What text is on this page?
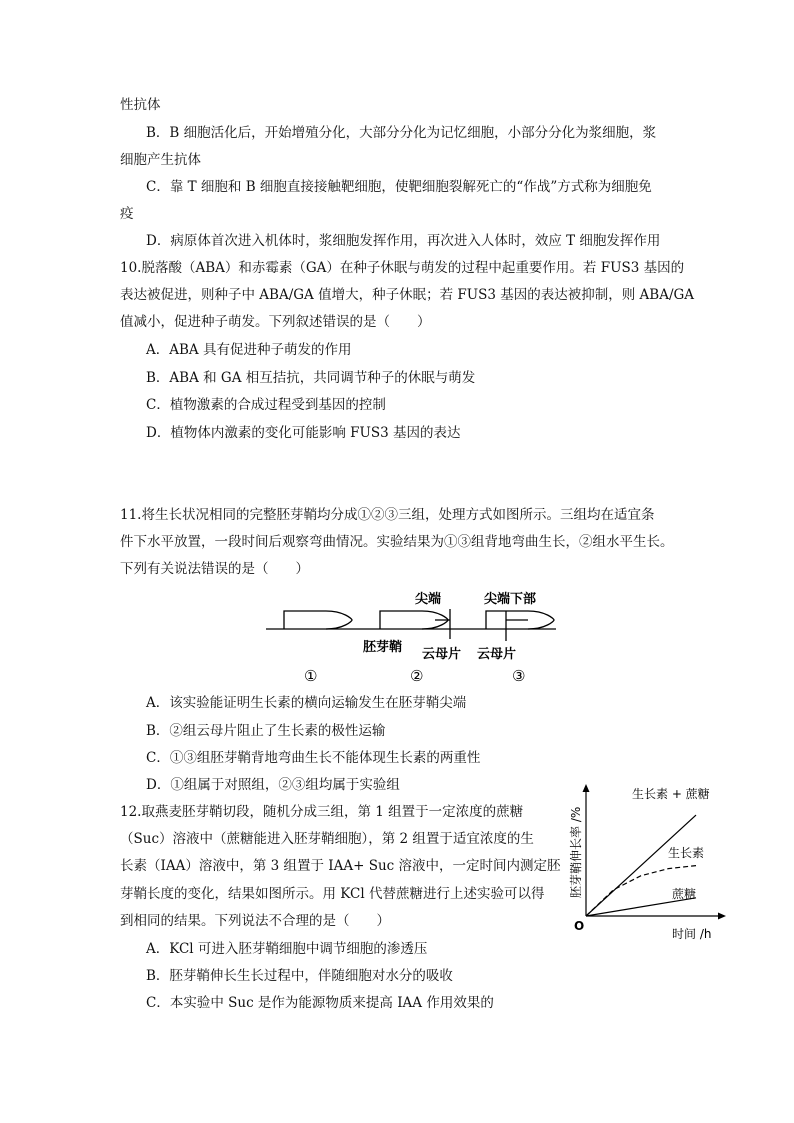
性抗体
B．B 细胞活化后，开始增殖分化，大部分分化为记忆细胞，小部分分化为浆细胞，浆
细胞产生抗体
C．靠 T 细胞和 B 细胞直接接触靶细胞，使靶细胞裂解死亡的“作战”方式称为细胞免
疫
D．病原体首次进入机体时，浆细胞发挥作用，再次进入人体时，效应 T 细胞发挥作用
10.脱落酸（ABA）和赤霉素（GA）在种子休眠与萌发的过程中起重要作用。若 FUS3 基因的
表达被促进，则种子中 ABA/GA 值增大，种子休眠；若 FUS3 基因的表达被抑制，则 ABA/GA
值减小，促进种子萌发。下列叙述错误的是（　　）
A．ABA 具有促进种子萌发的作用
B．ABA 和 GA 相互拮抗，共同调节种子的休眠与萌发
C．植物激素的合成过程受到基因的控制
D．植物体内激素的变化可能影响 FUS3 基因的表达
11.将生长状况相同的完整胚芽鞘均分成①②③三组，处理方式如图所示。三组均在适宜条
件下水平放置，一段时间后观察弯曲情况。实验结果为①③组背地弯曲生长，②组水平生长。
下列有关说法错误的是（　　）
尖端	尖端下部
胚芽鞘 云母片 云母片
①	②	③
A．该实验能证明生长素的横向运输发生在胚芽鞘尖端
B．②组云母片阻止了生长素的极性运输
C．①③组胚芽鞘背地弯曲生长不能体现生长素的两重性
D．①组属于对照组，②③组均属于实验组
12.取燕麦胚芽鞘切段，随机分成三组，第 1 组置于一定浓度的蔗糖
（Suc）溶液中（蔗糖能进入胚芽鞘细胞），第 2 组置于适宜浓度的生
长素（IAA）溶液中，第 3 组置于 IAA+ Suc 溶液中，一定时间内测定胚
芽鞘长度的变化，结果如图所示。用 KCl 代替蔗糖进行上述实验可以得
到相同的结果。下列说法不合理的是（　　）
A．KCl 可进入胚芽鞘细胞中调节细胞的渗透压
B．胚芽鞘伸长生长过程中，伴随细胞对水分的吸收
C．本实验中 Suc 是作为能源物质来提高 IAA 作用效果的
O
时间 /h
胚芽鞘伸长率 /%
生长素 + 蔗糖
生长素
蔗糖
